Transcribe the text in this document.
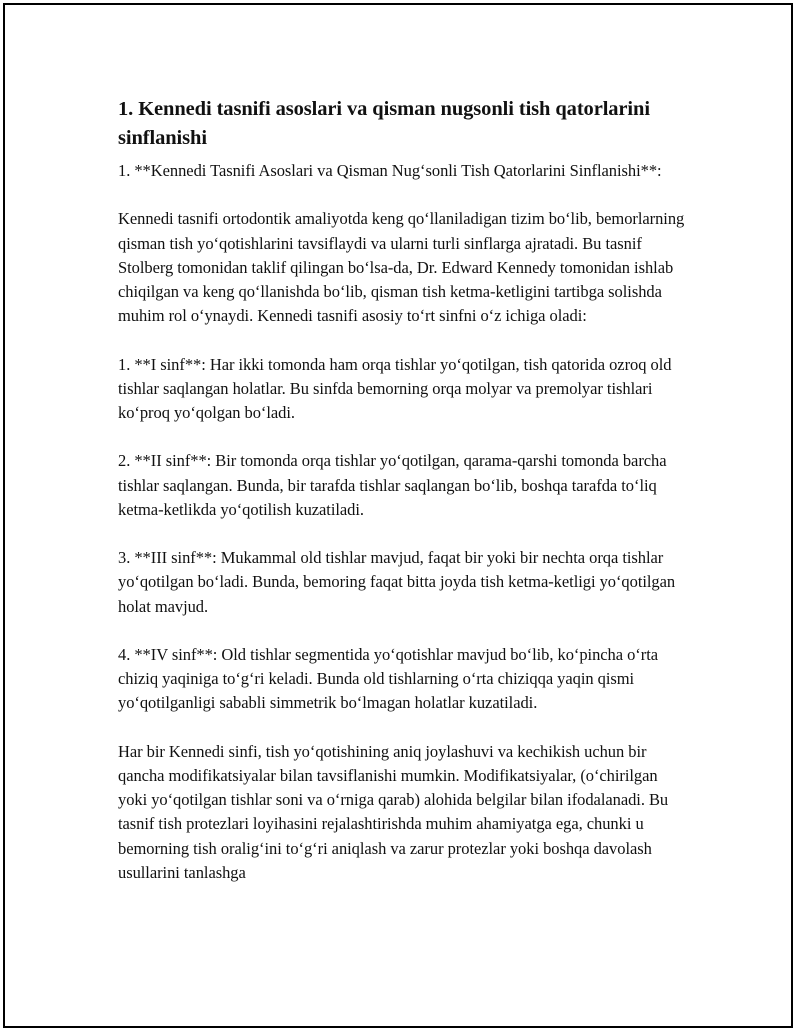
1. Kennedi tasnifi asoslari va qisman nugsonli tish qatorlarini sinflanishi

1. **Kennedi Tasnifi Asoslari va Qisman Nug‘sonli Tish Qatorlarini Sinflanishi**:

Kennedi tasnifi ortodontik amaliyotda keng qo‘llaniladigan tizim bo‘lib, bemorlarning qisman tish yo‘qotishlarini tavsiflaydi va ularni turli sinflarga ajratadi. Bu tasnif Stolberg tomonidan taklif qilingan bo‘lsa-da, Dr. Edward Kennedy tomonidan ishlab chiqilgan va keng qo‘llanishda bo‘lib, qisman tish ketma-ketligini tartibga solishda muhim rol o‘ynaydi. Kennedi tasnifi asosiy to‘rt sinfni o‘z ichiga oladi:

1. **I sinf**: Har ikki tomonda ham orqa tishlar yo‘qotilgan, tish qatorida ozroq old tishlar saqlangan holatlar. Bu sinfda bemorning orqa molyar va premolyar tishlari ko‘proq yo‘qolgan bo‘ladi.

2. **II sinf**: Bir tomonda orqa tishlar yo‘qotilgan, qarama-qarshi tomonda barcha tishlar saqlangan. Bunda, bir tarafda tishlar saqlangan bo‘lib, boshqa tarafda to‘liq ketma-ketlikda yo‘qotilish kuzatiladi.

3. **III sinf**: Mukammal old tishlar mavjud, faqat bir yoki bir nechta orqa tishlar yo‘qotilgan bo‘ladi. Bunda, bemoring faqat bitta joyda tish ketma-ketligi yo‘qotilgan holat mavjud.

4. **IV sinf**: Old tishlar segmentida yo‘qotishlar mavjud bo‘lib, ko‘pincha o‘rta chiziq yaqiniga to‘g‘ri keladi. Bunda old tishlarning o‘rta chiziqqa yaqin qismi yo‘qotilganligi sababli simmetrik bo‘lmagan holatlar kuzatiladi.

Har bir Kennedi sinfi, tish yo‘qotishining aniq joylashuvi va kechikish uchun bir qancha modifikatsiyalar bilan tavsiflanishi mumkin. Modifikatsiyalar, (o‘chirilgan yoki yo‘qotilgan tishlar soni va o‘rniga qarab) alohida belgilar bilan ifodalanadi. Bu tasnif tish protezlari loyihasini rejalashtirishda muhim ahamiyatga ega, chunki u bemorning tish oralig‘ini to‘g‘ri aniqlash va zarur protezlar yoki boshqa davolash usullarini tanlashga
